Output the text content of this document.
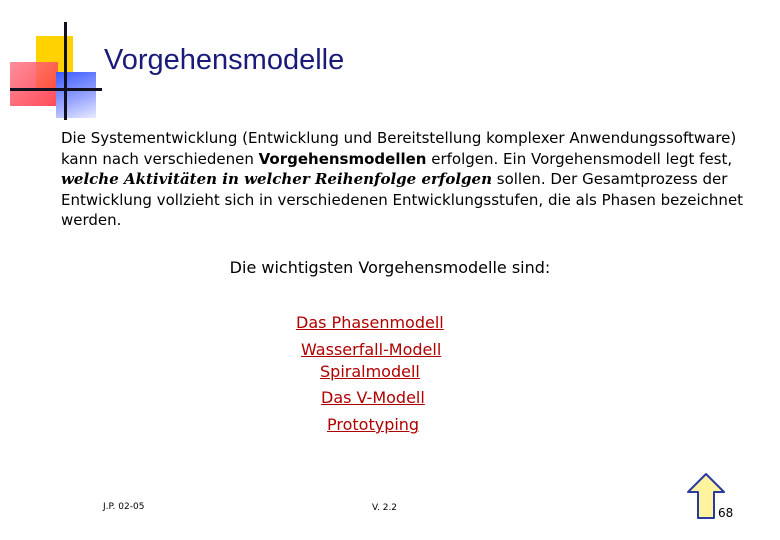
Vorgehensmodelle
Die Systementwicklung (Entwicklung und Bereitstellung komplexer Anwendungssoftware) kann nach verschiedenen Vorgehensmodellen erfolgen. Ein Vorgehensmodell legt fest, welche Aktivitäten in welcher Reihenfolge erfolgen sollen. Der Gesamtprozess der Entwicklung vollzieht sich in verschiedenen Entwicklungsstufen, die als Phasen bezeichnet werden.
Die wichtigsten Vorgehensmodelle sind:
Das Phasenmodell
Wasserfall-Modell
Spiralmodell
Das V-Modell
Prototyping
J.P. 02-05	V. 2.2	68
